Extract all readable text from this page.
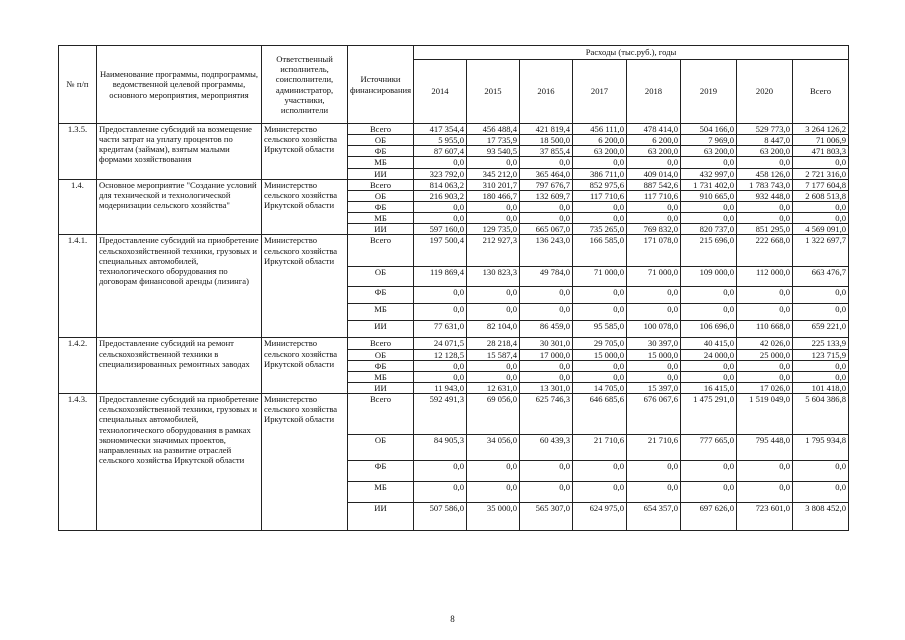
№ п/п	Наименование программы, подпрограммы, ведомственной целевой программы, основного мероприятия, мероприятия	Ответственный исполнитель, соисполнители, администратор, участники, исполнители	Источники финансирования	Расходы (тыс.руб.), годы							
				2014	2015	2016	2017	2018	2019	2020	Всего
1.3.5.	Предоставление субсидий на возмещение части затрат на уплату процентов по кредитам (займам), взятым малыми формами хозяйствования	Министерство сельского хозяйства Иркутской области	Всего	417 354,4	456 488,4	421 819,4	456 111,0	478 414,0	504 166,0	529 773,0	3 264 126,2
			ОБ	5 955,0	17 735,9	18 500,0	6 200,0	6 200,0	7 969,0	8 447,0	71 006,9
			ФБ	87 607,4	93 540,5	37 855,4	63 200,0	63 200,0	63 200,0	63 200,0	471 803,3
			МБ	0,0	0,0	0,0	0,0	0,0	0,0	0,0	0,0
			ИИ	323 792,0	345 212,0	365 464,0	386 711,0	409 014,0	432 997,0	458 126,0	2 721 316,0
1.4.	Основное мероприятие "Создание условий для технической и технологической модернизации сельского хозяйства"	Министерство сельского хозяйства Иркутской области	Всего	814 063,2	310 201,7	797 676,7	852 975,6	887 542,6	1 731 402,0	1 783 743,0	7 177 604,8
			ОБ	216 903,2	180 466,7	132 609,7	117 710,6	117 710,6	910 665,0	932 448,0	2 608 513,8
			ФБ	0,0	0,0	0,0	0,0	0,0	0,0	0,0	0,0
			МБ	0,0	0,0	0,0	0,0	0,0	0,0	0,0	0,0
			ИИ	597 160,0	129 735,0	665 067,0	735 265,0	769 832,0	820 737,0	851 295,0	4 569 091,0
1.4.1.	Предоставление субсидий на приобретение сельскохозяйственной техники, грузовых и специальных автомобилей, технологического оборудования по договорам финансовой аренды (лизинга)	Министерство сельского хозяйства Иркутской области	Всего	197 500,4	212 927,3	136 243,0	166 585,0	171 078,0	215 696,0	222 668,0	1 322 697,7
			ОБ	119 869,4	130 823,3	49 784,0	71 000,0	71 000,0	109 000,0	112 000,0	663 476,7
			ФБ	0,0	0,0	0,0	0,0	0,0	0,0	0,0	0,0
			МБ	0,0	0,0	0,0	0,0	0,0	0,0	0,0	0,0
			ИИ	77 631,0	82 104,0	86 459,0	95 585,0	100 078,0	106 696,0	110 668,0	659 221,0
1.4.2.	Предоставление субсидий на ремонт сельскохозяйственной техники в специализированных ремонтных заводах	Министерство сельского хозяйства Иркутской области	Всего	24 071,5	28 218,4	30 301,0	29 705,0	30 397,0	40 415,0	42 026,0	225 133,9
			ОБ	12 128,5	15 587,4	17 000,0	15 000,0	15 000,0	24 000,0	25 000,0	123 715,9
			ФБ	0,0	0,0	0,0	0,0	0,0	0,0	0,0	0,0
			МБ	0,0	0,0	0,0	0,0	0,0	0,0	0,0	0,0
			ИИ	11 943,0	12 631,0	13 301,0	14 705,0	15 397,0	16 415,0	17 026,0	101 418,0
1.4.3.	Предоставление субсидий на приобретение сельскохозяйственной техники, грузовых и специальных автомобилей, технологического оборудования в рамках экономически значимых проектов, направленных на развитие отраслей сельского хозяйства Иркутской области	Министерство сельского хозяйства Иркутской области	Всего	592 491,3	69 056,0	625 746,3	646 685,6	676 067,6	1 475 291,0	1 519 049,0	5 604 386,8
			ОБ	84 905,3	34 056,0	60 439,3	21 710,6	21 710,6	777 665,0	795 448,0	1 795 934,8
			ФБ	0,0	0,0	0,0	0,0	0,0	0,0	0,0	0,0
			МБ	0,0	0,0	0,0	0,0	0,0	0,0	0,0	0,0
			ИИ	507 586,0	35 000,0	565 307,0	624 975,0	654 357,0	697 626,0	723 601,0	3 808 452,0
8
